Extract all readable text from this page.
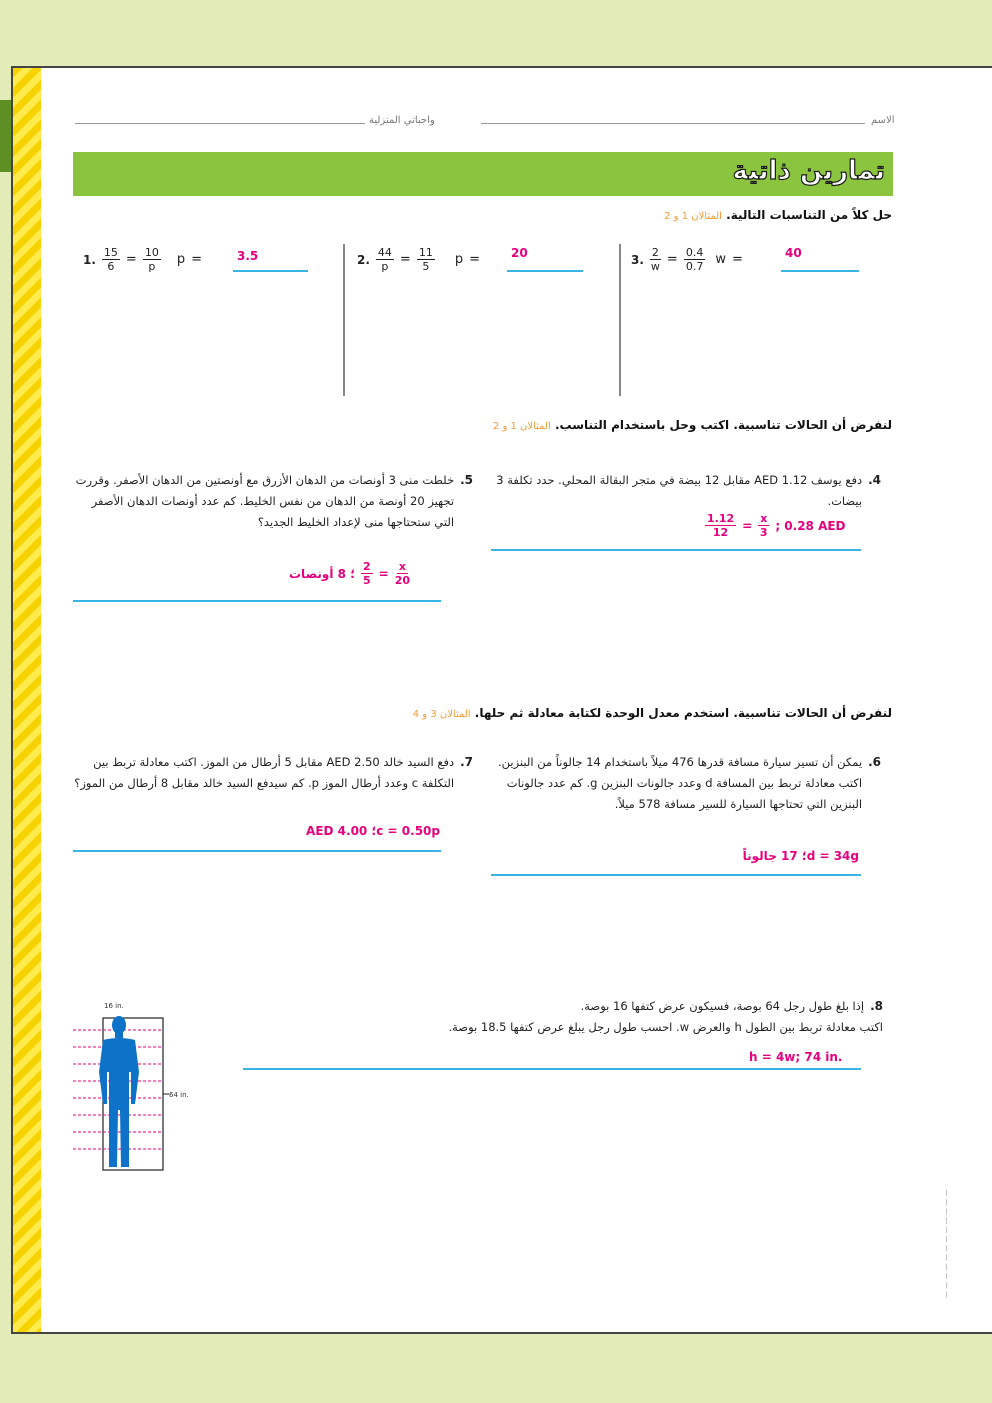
الاسم
واجباتي المنزلية
تمارين ذاتية
حل كلاً من التناسبات التالية. المثالان 1 و 2
1. $\frac{15}{6} = \frac{10}{p}$ p =	3.5	2. $\frac{44}{p} = \frac{11}{5}$ p =	20	3. $\frac{2}{w} = \frac{0.4}{0.7}$ w =	40
لنفرض أن الحالات تناسبية. اكتب وحل باستخدام التناسب. المثالان 1 و 2
4.
دفع يوسف 1.12 AED مقابل 12 بيضة في متجر البقالة المحلي. حدد تكلفة 3 بيضات.
$\frac{1.12}{12} = \frac{x}{3}$ ; 0.28 AED
5.
خلطت منى 3 أونصات من الدهان الأزرق مع أونصتين من الدهان الأصفر. وقررت تجهيز 20 أونصة من الدهان من نفس الخليط. كم عدد أونصات الدهان الأصفر التي ستحتاجها منى لإعداد الخليط الجديد؟
؛ 8 أونصات $\frac{2}{5} = \frac{x}{20}$
لنفرض أن الحالات تناسبية. استخدم معدل الوحدة لكتابة معادلة ثم حلها. المثالان 3 و 4
6.
يمكن أن تسير سيارة مسافة قدرها 476 ميلاً باستخدام 14 جالوناً من البنزين. اكتب معادلة تربط بين المسافة d وعدد جالونات البنزين g. كم عدد جالونات البنزين التي تحتاجها السيارة للسير مسافة 578 ميلاً.
d = 34g؛ 17 جالوناً
7.
دفع السيد خالد 2.50 AED مقابل 5 أرطال من الموز. اكتب معادلة تربط بين التكلفة c وعدد أرطال الموز p. كم سيدفع السيد خالد مقابل 8 أرطال من الموز؟
c = 0.50p؛ 4.00 AED
8.
إذا بلغ طول رجل 64 بوصة، فسيكون عرض كتفها 16 بوصة.
اكتب معادلة تربط بين الطول h والعرض w. احسب طول رجل يبلغ عرض كتفها 18.5 بوصة.
h = 4w; 74 in.
16 in.
64 in.
— — — — — — — — — — — —
